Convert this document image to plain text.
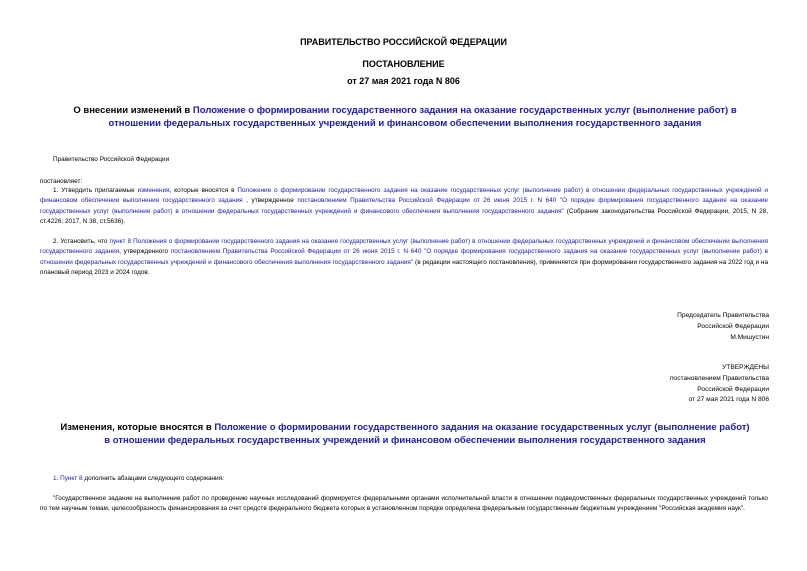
ПРАВИТЕЛЬСТВО РОССИЙСКОЙ ФЕДЕРАЦИИ
ПОСТАНОВЛЕНИЕ
от 27 мая 2021 года N 806
О внесении изменений в Положение о формировании государственного задания на оказание государственных услуг (выполнение работ) в отношении федеральных государственных учреждений и финансовом обеспечении выполнения государственного задания
Правительство Российской Федерации
постановляет:
1. Утвердить прилагаемые изменения, которые вносятся в Положение о формировании государственного задания на оказание государственных услуг (выполнение работ) в отношении федеральных государственных учреждений и финансовом обеспечении выполнения государственного задания , утвержденное постановлением Правительства Российской Федерации от 26 июня 2015 г. N 640 "О порядке формирования государственного задания на оказание государственных услуг (выполнение работ) в отношении федеральных государственных учреждений и финансового обеспечения выполнения государственного задания" (Собрание законодательства Российской Федерации, 2015, N 28, ст.4226; 2017, N 38, ст.5636).
2. Установить, что пункт 8 Положения о формировании государственного задания на оказание государственных услуг (выполнение работ) в отношении федеральных государственных учреждений и финансовом обеспечении выполнения государственного задания, утвержденного постановлением Правительства Российской Федерации от 26 июня 2015 г. N 640 "О порядке формирования государственного задания на оказание государственных услуг (выполнение работ) в отношении федеральных государственных учреждений и финансового обеспечения выполнения государственного задания" (в редакции настоящего постановления), применяется при формировании государственного задания на 2022 год и на плановый период 2023 и 2024 годов.
Председатель Правительства
Российской Федерации
М.Мишустин
УТВЕРЖДЕНЫ
постановлением Правительства
Российской Федерации
от 27 мая 2021 года N 806
Изменения, которые вносятся в Положение о формировании государственного задания на оказание государственных услуг (выполнение работ) в отношении федеральных государственных учреждений и финансовом обеспечении выполнения государственного задания
1. Пункт 8 дополнить абзацами следующего содержания:
"Государственное задание на выполнение работ по проведению научных исследований формируется федеральными органами исполнительной власти в отношении подведомственных федеральных государственных учреждений только по тем научным темам, целесообразность финансирования за счет средств федерального бюджета которых в установленном порядке определена федеральным государственным бюджетным учреждением "Российская академия наук".
